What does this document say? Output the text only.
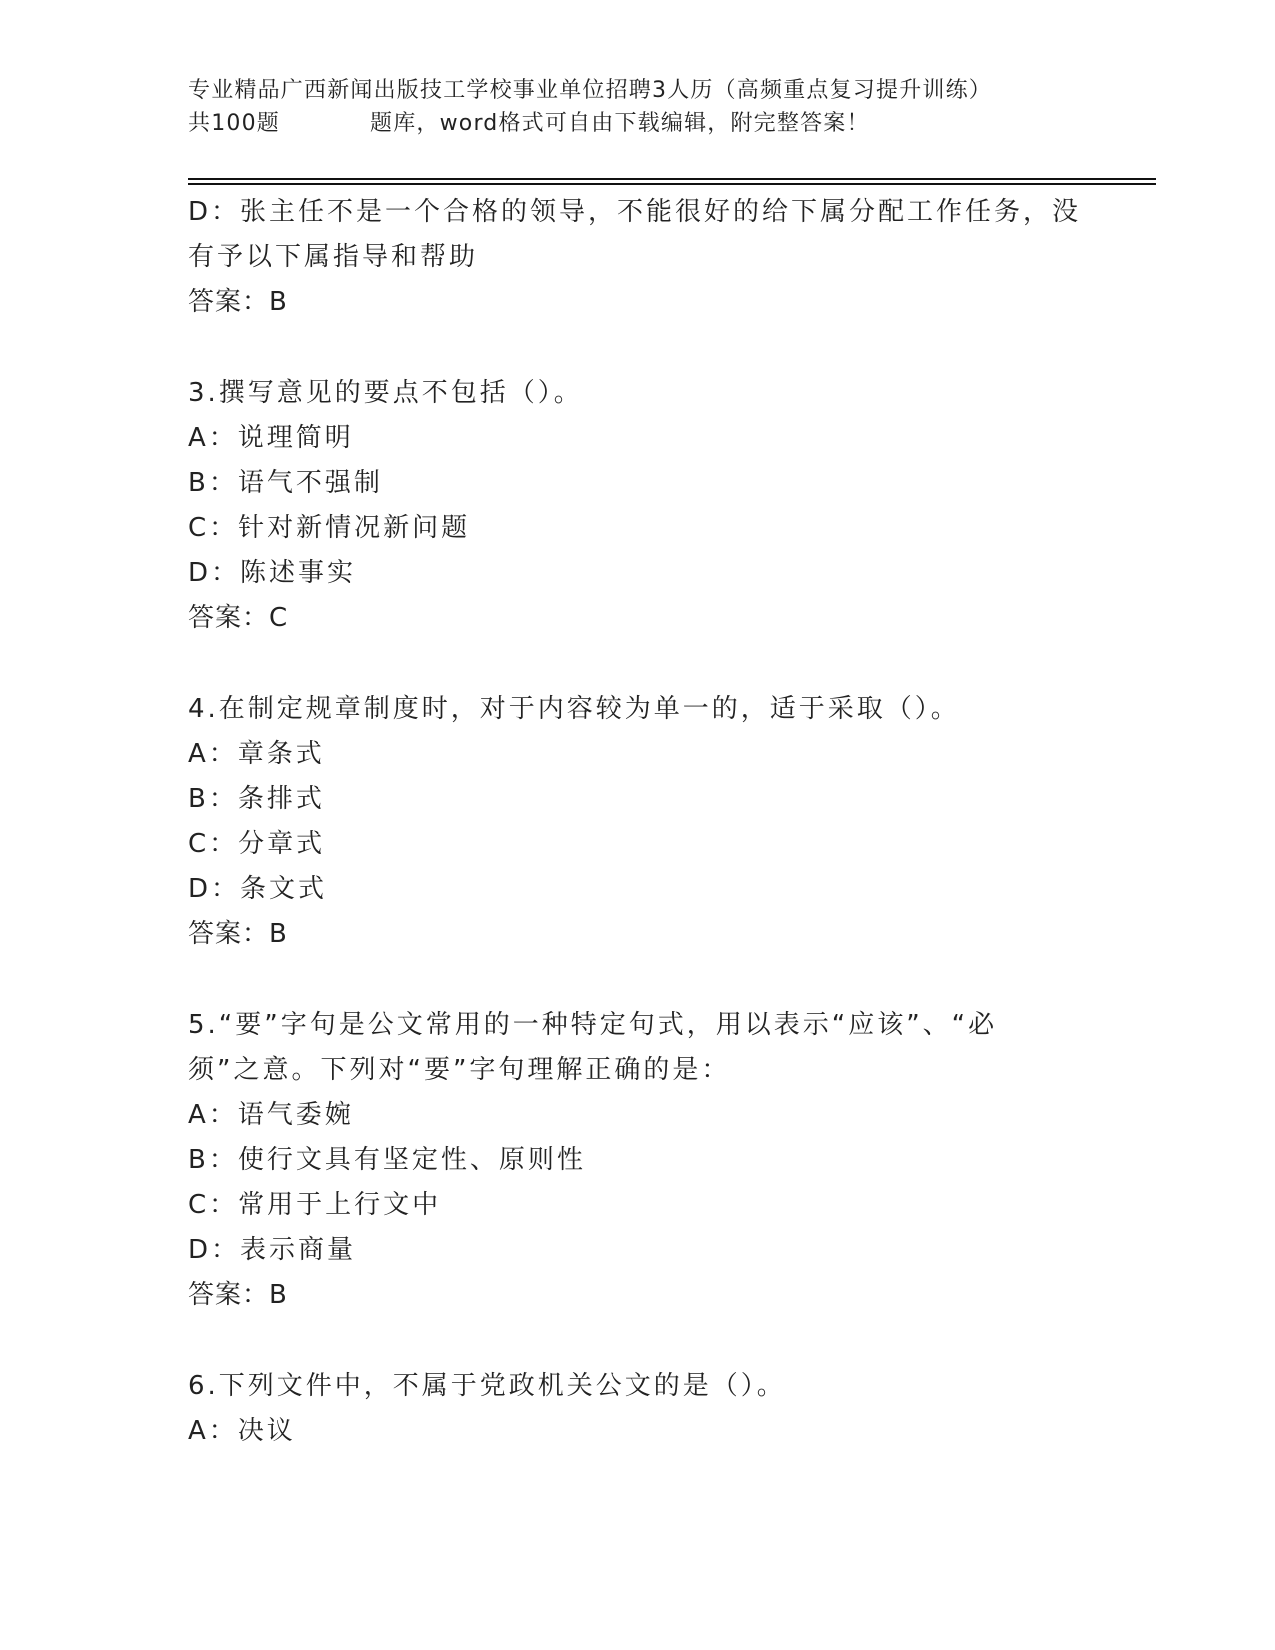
专业精品广西新闻出版技工学校事业单位招聘3人历（高频重点复习提升训练）
共100题	题库，word格式可自由下载编辑，附完整答案！
D：张主任不是一个合格的领导，不能很好的给下属分配工作任务，没
有予以下属指导和帮助
答案：B
3.撰写意见的要点不包括（）。
A：说理简明
B：语气不强制
C：针对新情况新问题
D：陈述事实
答案：C
4.在制定规章制度时，对于内容较为单一的，适于采取（）。
A：章条式
B：条排式
C：分章式
D：条文式
答案：B
5.“要”字句是公文常用的一种特定句式，用以表示“应该”、“必
须”之意。下列对“要”字句理解正确的是：
A：语气委婉
B：使行文具有坚定性、原则性
C：常用于上行文中
D：表示商量
答案：B
6.下列文件中，不属于党政机关公文的是（）。
A：决议
